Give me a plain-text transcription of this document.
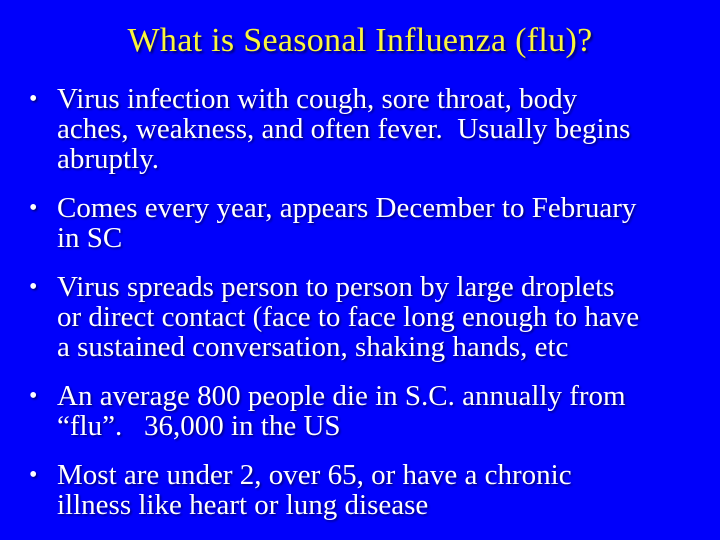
What is Seasonal Influenza (flu)?
• Virus infection with cough, sore throat, body
aches, weakness, and often fever.  Usually begins
abruptly.
• Comes every year, appears December to February
in SC
• Virus spreads person to person by large droplets
or direct contact (face to face long enough to have
a sustained conversation, shaking hands, etc
• An average 800 people die in S.C. annually from
“flu”.   36,000 in the US
• Most are under 2, over 65, or have a chronic
illness like heart or lung disease
